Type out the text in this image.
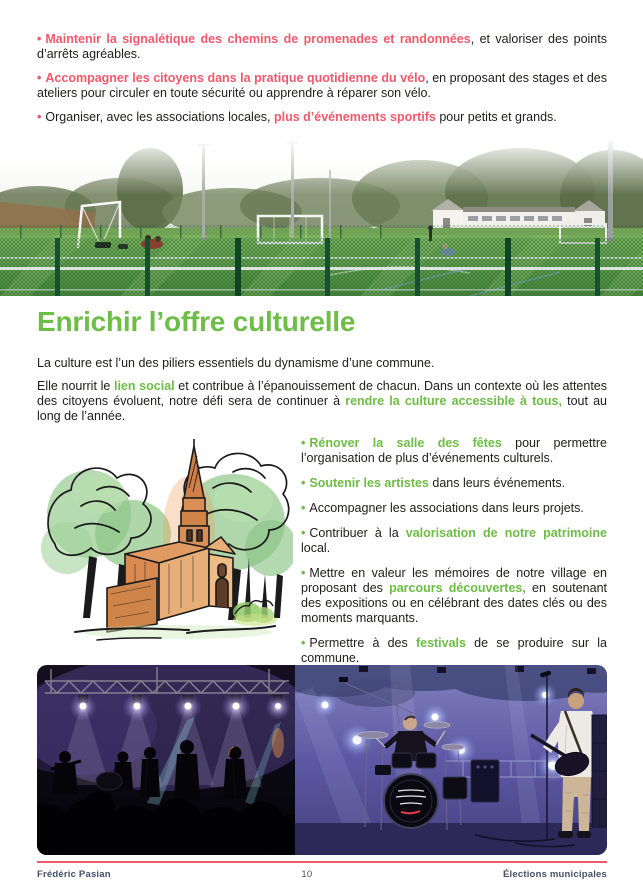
• Maintenir la signalétique des chemins de promenades et randonnées, et valoriser des points d’arrêts agréables.

• Accompagner les citoyens dans la pratique quotidienne du vélo, en proposant des stages et des ateliers pour circuler en toute sécurité ou apprendre à réparer son vélo.

• Organiser, avec les associations locales, plus d’événements sportifs pour petits et grands.

Enrichir l’offre culturelle

La culture est l’un des piliers essentiels du dynamisme d’une commune.

Elle nourrit le lien social et contribue à l’épanouissement de chacun. Dans un contexte où les attentes des citoyens évoluent, notre défi sera de continuer à rendre la culture accessible à tous, tout au long de l’année.

• Rénover la salle des fêtes pour permettre l’organisation de plus d’événements culturels.

• Soutenir les artistes dans leurs événements.

• Accompagner les associations dans leurs projets.

• Contribuer à la valorisation de notre patrimoine local.

• Mettre en valeur les mémoires de notre village en proposant des parcours découvertes, en soutenant des expositions ou en célébrant des dates clés ou des moments marquants.

• Permettre à des festivals de se produire sur la commune.

Frédéric Pasian	10	Élections municipales
